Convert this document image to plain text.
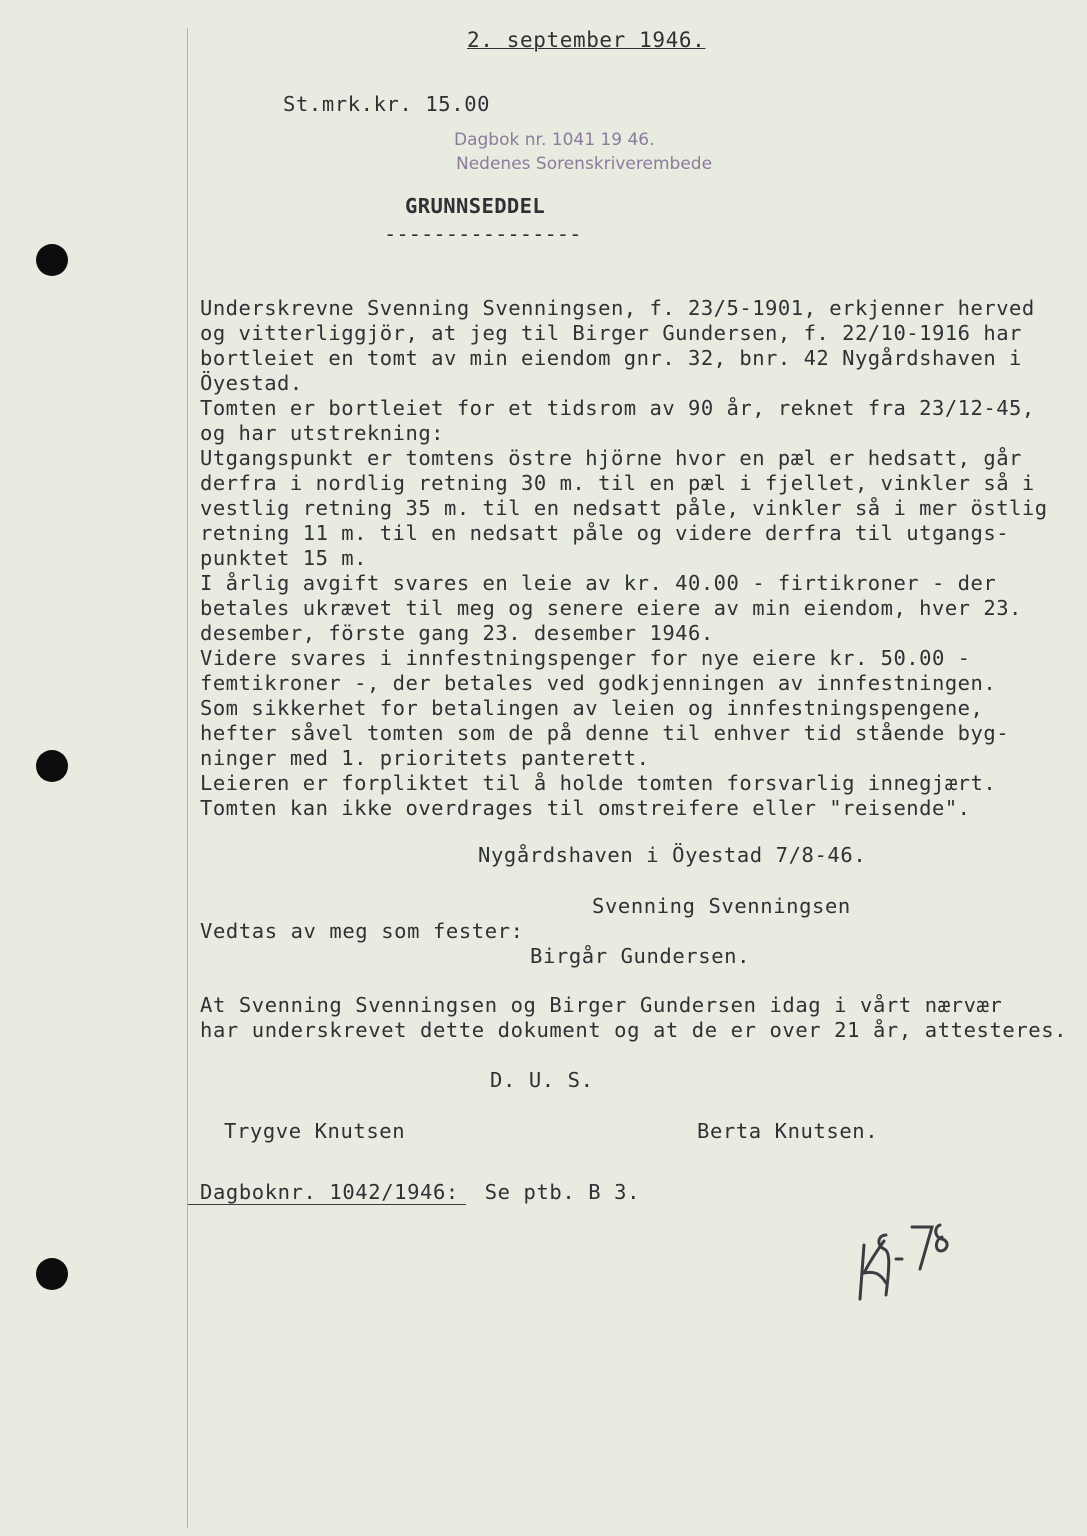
2. september 1946.
St.mrk.kr. 15.00
Dagbok nr. 1041 19 46.
Nedenes Sorenskriverembede
GRUNNSEDDEL
----------------
Underskrevne Svenning Svenningsen, f. 23/5-1901, erkjenner herved
og vitterliggjör, at jeg til Birger Gundersen, f. 22/10-1916 har
bortleiet en tomt av min eiendom gnr. 32, bnr. 42 Nygårdshaven i
Öyestad.
Tomten er bortleiet for et tidsrom av 90 år, reknet fra 23/12-45,
og har utstrekning:
Utgangspunkt er tomtens östre hjörne hvor en pæl er hedsatt, går
derfra i nordlig retning 30 m. til en pæl i fjellet, vinkler så i
vestlig retning 35 m. til en nedsatt påle, vinkler så i mer östlig
retning 11 m. til en nedsatt påle og videre derfra til utgangs-
punktet 15 m.
I årlig avgift svares en leie av kr. 40.00 - firtikroner - der
betales ukrævet til meg og senere eiere av min eiendom, hver 23.
desember, förste gang 23. desember 1946.
Videre svares i innfestningspenger for nye eiere kr. 50.00 -
femtikroner -, der betales ved godkjenningen av innfestningen.
Som sikkerhet for betalingen av leien og innfestningspengene,
hefter såvel tomten som de på denne til enhver tid stående byg-
ninger med 1. prioritets panterett.
Leieren er forpliktet til å holde tomten forsvarlig innegjært.
Tomten kan ikke overdrages til omstreifere eller "reisende".
Nygårdshaven i Öyestad 7/8-46.
Svenning Svenningsen
Vedtas av meg som fester:
Birgår Gundersen.
At Svenning Svenningsen og Birger Gundersen idag i vårt nærvær
har underskrevet dette dokument og at de er over 21 år, attesteres.
D. U. S.
Trygve Knutsen	Berta Knutsen.
Dagboknr. 1042/1946:  Se ptb. B 3.
